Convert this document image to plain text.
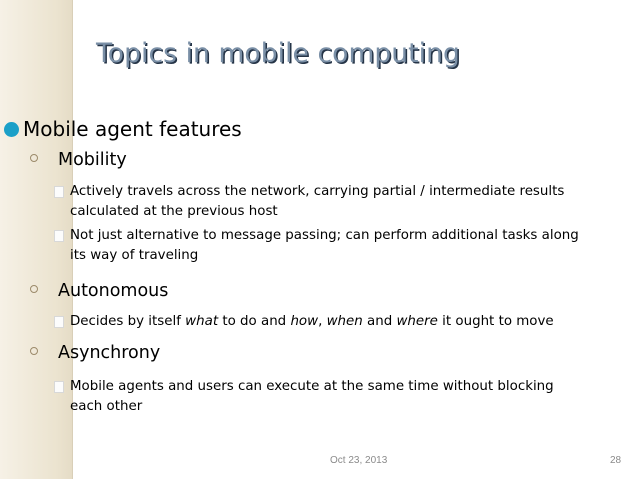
Topics in mobile computing
Mobile agent features
Mobility
Actively travels across the network, carrying partial / intermediate results
calculated at the previous host
Not just alternative to message passing; can perform additional tasks along
its way of traveling
Autonomous
Decides by itself what to do and how, when and where it ought to move
Asynchrony
Mobile agents and users can execute at the same time without blocking
each other
Oct 23, 2013	28
